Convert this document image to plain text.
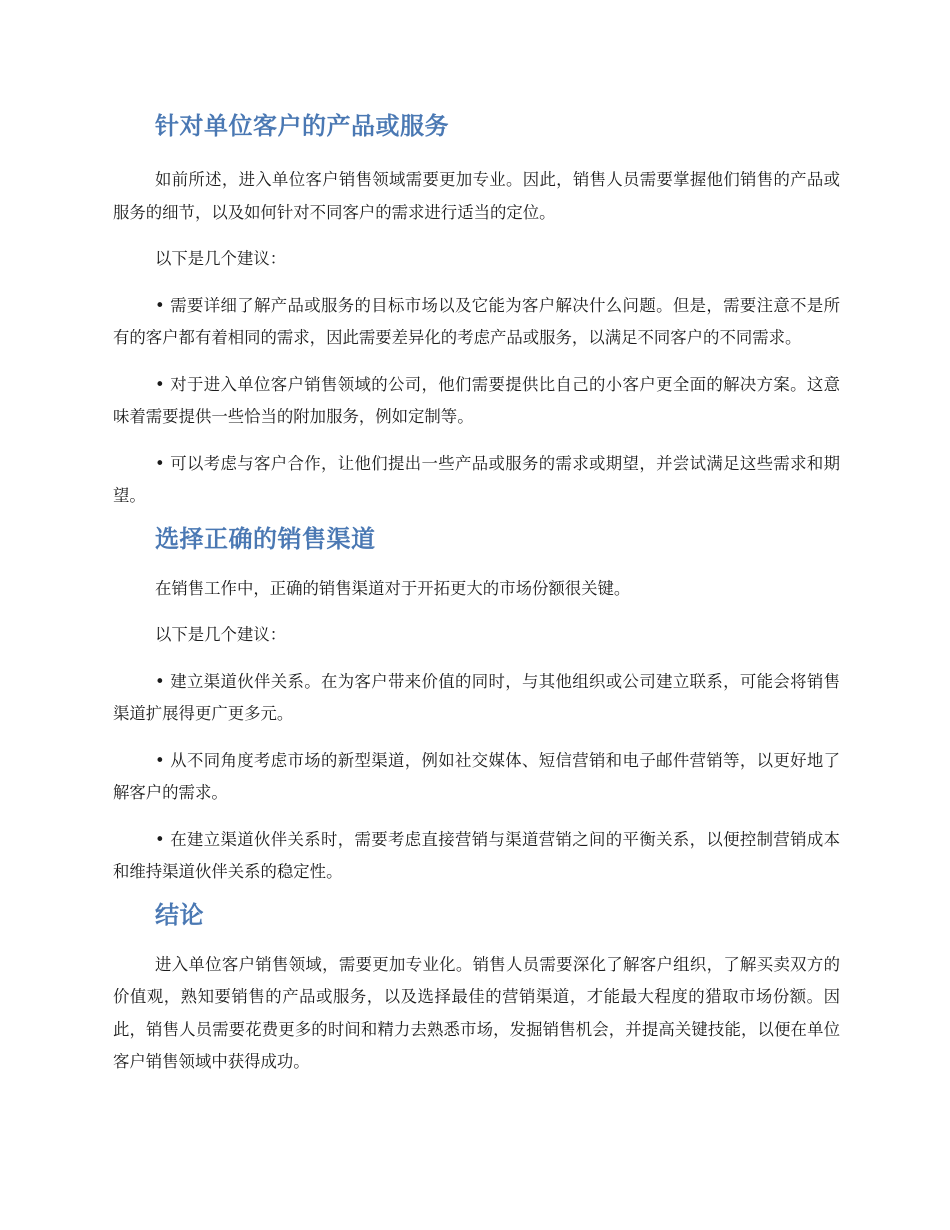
针对单位客户的产品或服务

如前所述，进入单位客户销售领域需要更加专业。因此，销售人员需要掌握他们销售的产品或服务的细节，以及如何针对不同客户的需求进行适当的定位。

以下是几个建议：

• 需要详细了解产品或服务的目标市场以及它能为客户解决什么问题。但是，需要注意不是所有的客户都有着相同的需求，因此需要差异化的考虑产品或服务，以满足不同客户的不同需求。

• 对于进入单位客户销售领域的公司，他们需要提供比自己的小客户更全面的解决方案。这意味着需要提供一些恰当的附加服务，例如定制等。

• 可以考虑与客户合作，让他们提出一些产品或服务的需求或期望，并尝试满足这些需求和期望。

选择正确的销售渠道

在销售工作中，正确的销售渠道对于开拓更大的市场份额很关键。

以下是几个建议：

• 建立渠道伙伴关系。在为客户带来价值的同时，与其他组织或公司建立联系，可能会将销售渠道扩展得更广更多元。

• 从不同角度考虑市场的新型渠道，例如社交媒体、短信营销和电子邮件营销等，以更好地了解客户的需求。

• 在建立渠道伙伴关系时，需要考虑直接营销与渠道营销之间的平衡关系，以便控制营销成本和维持渠道伙伴关系的稳定性。

结论

进入单位客户销售领域，需要更加专业化。销售人员需要深化了解客户组织，了解买卖双方的价值观，熟知要销售的产品或服务，以及选择最佳的营销渠道，才能最大程度的猎取市场份额。因此，销售人员需要花费更多的时间和精力去熟悉市场，发掘销售机会，并提高关键技能，以便在单位客户销售领域中获得成功。
